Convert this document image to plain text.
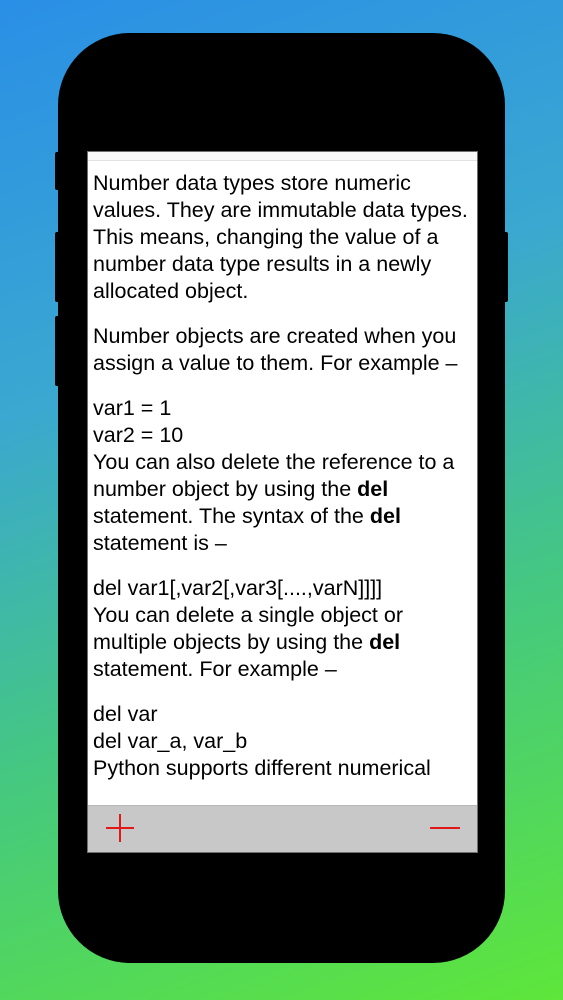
Number data types store numeric values. They are immutable data types. This means, changing the value of a number data type results in a newly allocated object.

Number objects are created when you assign a value to them. For example –

var1 = 1
var2 = 10

You can also delete the reference to a number object by using the del statement. The syntax of the del statement is –

del var1[,var2[,var3[....,varN]]]]

You can delete a single object or multiple objects by using the del statement. For example –

del var
del var_a, var_b
Python supports different numerical
